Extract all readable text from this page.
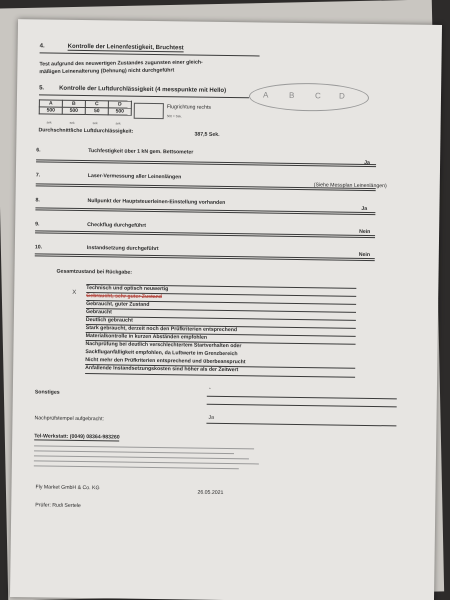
4.	Kontrolle der Leinenfestigkeit, Bruchtest
Test aufgrund des neuwertigen Zustandes zugunsten einer gleich-
mäßigen Leinenalterung (Dehnung) nicht durchgeführt
5. Kontrolle der Luftdurchlässigkeit (4 messpunkte mit Hello)
A	B	C	D
500	500	50	500
sek	sek	sek	sek
Flugrichtung rechts
500 = Sek.
Durchschnittliche Luftdurchlässigkeit:
387,5 Sek.
A B C D
6.	Tuchfestigkeit über 1 kN gem. Bettsometer
Ja
7.	Laser-Vermessung aller Leinenlängen
(Siehe Messplan Leinenlängen)
8.	Nullpunkt der Hauptsteuerleinen-Einstellung vorhanden
Ja
9.	Checkflug durchgeführt
Nein
10.	Instandsetzung durchgeführt
Nein
Gesamtzustand bei Rückgabe:
X
Technisch und optisch neuwertig
Gebraucht, sehr guter Zustand
Gebraucht, guter Zustand
Gebraucht
Deutlich gebraucht
Stark gebraucht, derzeit noch den Prüfkriterien entsprechend
Materialkontrolle in kurzen Abständen empfohlen
Nachprüfung bei deutlich verschlechtertem Startverhalten oder
Sackfluganfälligkeit empfohlen, da Luftwerte im Grenzbereich
Nicht mehr den Prüfkriterien entsprechend und überbeansprucht
Anfallende Instandsetzungskosten sind höher als der Zeitwert
Sonstiges
-
Nachprüfstempel aufgebracht:	Ja
Tel-Werkstatt: (0049) 08364-983260
Fly Market GmbH & Co. KG
26.05.2021
Prüfer: Rudi Sertele
